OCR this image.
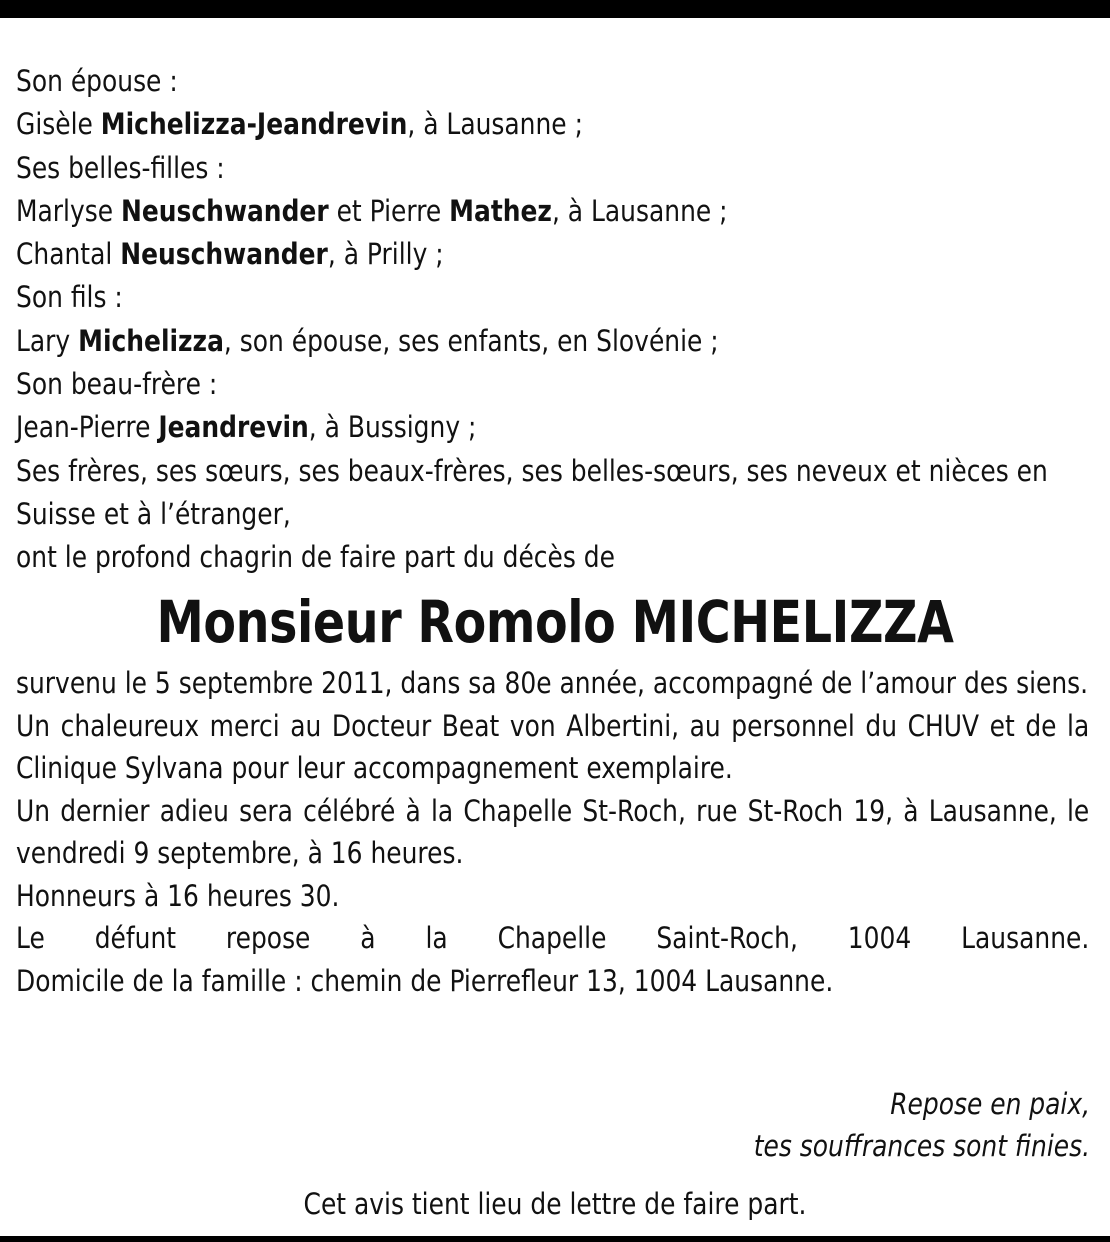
Son épouse :
Gisèle Michelizza-Jeandrevin, à Lausanne ;
Ses belles-filles :
Marlyse Neuschwander et Pierre Mathez, à Lausanne ;
Chantal Neuschwander, à Prilly ;
Son fils :
Lary Michelizza, son épouse, ses enfants, en Slovénie ;
Son beau-frère :
Jean-Pierre Jeandrevin, à Bussigny ;
Ses frères, ses sœurs, ses beaux-frères, ses belles-sœurs, ses neveux et nièces en Suisse et à l’étranger,
ont le profond chagrin de faire part du décès de
Monsieur Romolo MICHELIZZA
survenu le 5 septembre 2011, dans sa 80e année, accompagné de l’amour des siens.
Un chaleureux merci au Docteur Beat von Albertini, au personnel du CHUV et de la Clinique Sylvana pour leur accompagnement exemplaire.
Un dernier adieu sera célébré à la Chapelle St-Roch, rue St-Roch 19, à Lausanne, le vendredi 9 septembre, à 16 heures.
Honneurs à 16 heures 30.
Le défunt repose à la Chapelle Saint-Roch, 1004 Lausanne.
Domicile de la famille : chemin de Pierrefleur 13, 1004 Lausanne.
Repose en paix,
tes souffrances sont finies.
Cet avis tient lieu de lettre de faire part.
